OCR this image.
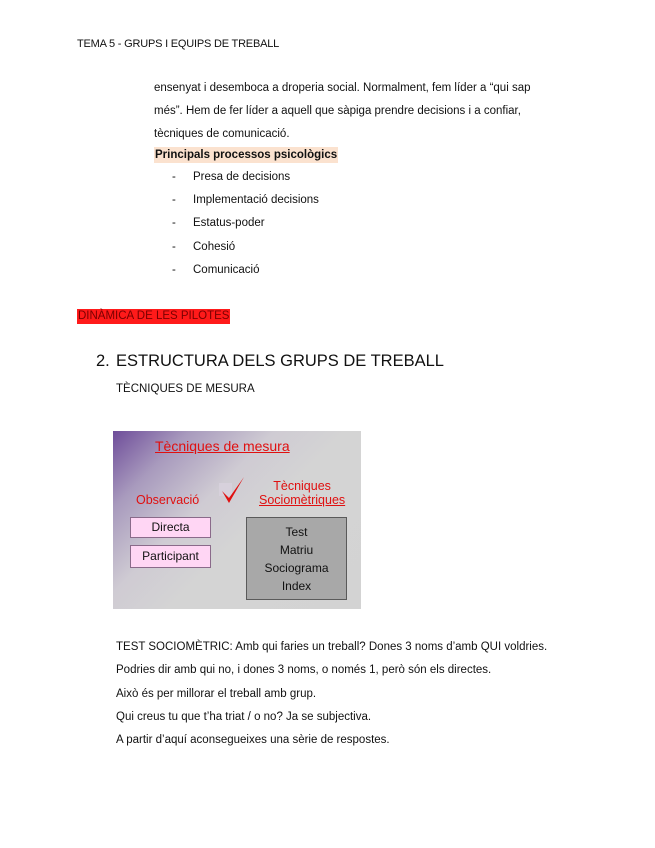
TEMA 5 - GRUPS I EQUIPS DE TREBALL

ensenyat i desemboca a droperia social. Normalment, fem líder a “qui sap

més”. Hem de fer líder a aquell que sàpiga prendre decisions i a confiar,

tècniques de comunicació.

Principals processos psicològics
- Presa de decisions
- Implementació decisions
- Estatus-poder
- Cohesió
- Comunicació
DINÀMICA DE LES PILOTES
2. ESTRUCTURA DELS GRUPS DE TREBALL
TÈCNIQUES DE MESURA
Tècniques de mesura
Observació
Tècniques
Sociomètriques
Directa
Participant
Test
Matriu
Sociograma
Index

TEST SOCIOMÈTRIC: Amb qui faries un treball? Dones 3 noms d’amb QUI voldries.

Podries dir amb qui no, i dones 3 noms, o només 1, però són els directes.

Això és per millorar el treball amb grup.

Qui creus tu que t’ha triat / o no? Ja se subjectiva.

A partir d’aquí aconsegueixes una sèrie de respostes.
